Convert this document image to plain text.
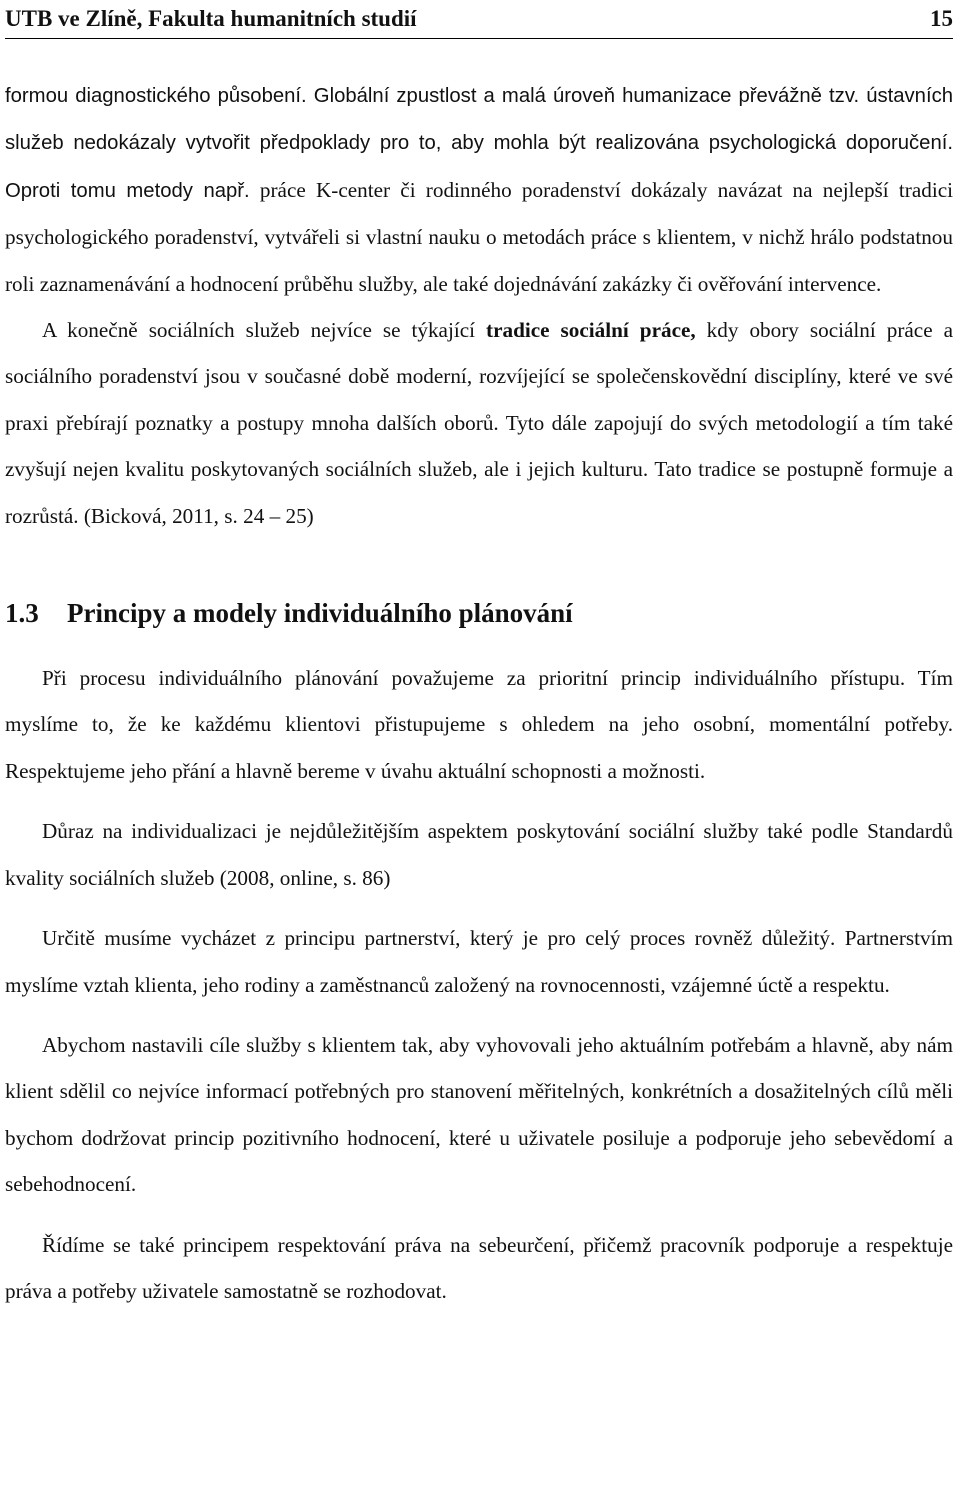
UTB ve Zlíně, Fakulta humanitních studií	15

formou diagnostického působení. Globální zpustlost a malá úroveň humanizace převážně tzv. ústavních služeb nedokázaly vytvořit předpoklady pro to, aby mohla být realizována psychologická doporučení. Oproti tomu metody např. práce K-center či rodinného poradenství dokázaly navázat na nejlepší tradici psychologického poradenství, vytvářeli si vlastní nauku o metodách práce s klientem, v nichž hrálo podstatnou roli zaznamenávání a hodnocení průběhu služby, ale také dojednávání zakázky či ověřování intervence.

A konečně sociálních služeb nejvíce se týkající tradice sociální práce, kdy obory sociální práce a sociálního poradenství jsou v současné době moderní, rozvíjející se společenskovědní disciplíny, které ve své praxi přebírají poznatky a postupy mnoha dalších oborů. Tyto dále zapojují do svých metodologií a tím také zvyšují nejen kvalitu poskytovaných sociálních služeb, ale i jejich kulturu. Tato tradice se postupně formuje a rozrůstá. (Bicková, 2011, s. 24 – 25)

1.3	Principy a modely individuálního plánování

Při procesu individuálního plánování považujeme za prioritní princip individuálního přístupu. Tím myslíme to, že ke každému klientovi přistupujeme s ohledem na jeho osobní, momentální potřeby. Respektujeme jeho přání a hlavně bereme v úvahu aktuální schopnosti a možnosti.

Důraz na individualizaci je nejdůležitějším aspektem poskytování sociální služby také podle Standardů kvality sociálních služeb (2008, online, s. 86)

Určitě musíme vycházet z principu partnerství, který je pro celý proces rovněž důležitý. Partnerstvím myslíme vztah klienta, jeho rodiny a zaměstnanců založený na rovnocennosti, vzájemné úctě a respektu.

Abychom nastavili cíle služby s klientem tak, aby vyhovovali jeho aktuálním potřebám a hlavně, aby nám klient sdělil co nejvíce informací potřebných pro stanovení měřitelných, konkrétních a dosažitelných cílů měli bychom dodržovat princip pozitivního hodnocení, které u uživatele posiluje a podporuje jeho sebevědomí a sebehodnocení.

Řídíme se také principem respektování práva na sebeurčení, přičemž pracovník podporuje a respektuje práva a potřeby uživatele samostatně se rozhodovat.
